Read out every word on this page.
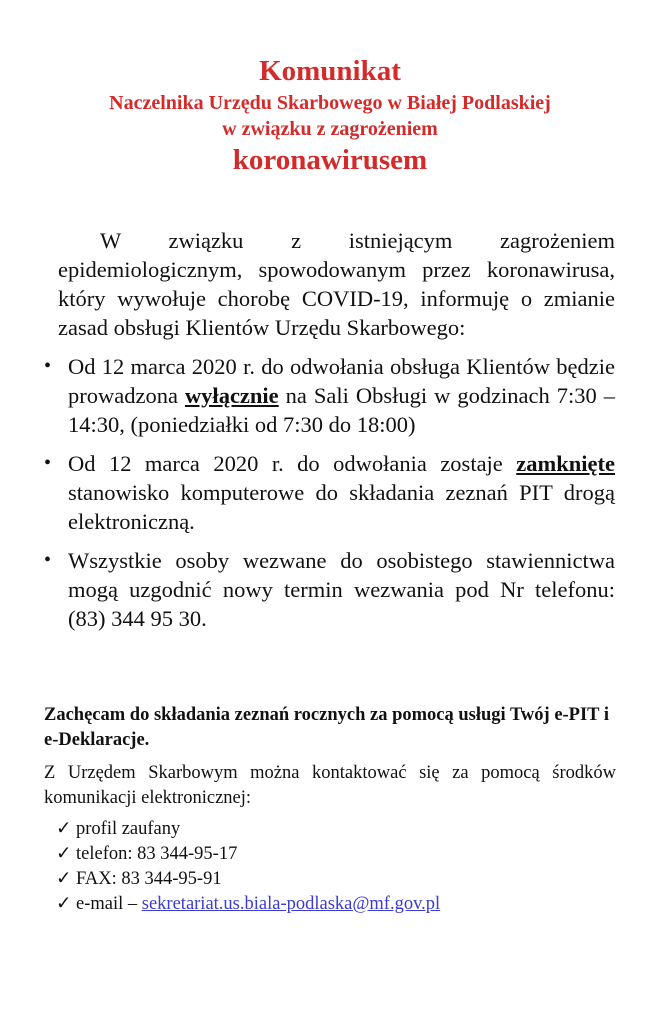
Komunikat
Naczelnika Urzędu Skarbowego w Białej Podlaskiej
w związku z zagrożeniem
koronawirusem

W związku z istniejącym zagrożeniem epidemiologicznym, spowodowanym przez koronawirusa, który wywołuje chorobę COVID-19, informuję o zmianie zasad obsługi Klientów Urzędu Skarbowego:

• Od 12 marca 2020 r. do odwołania obsługa Klientów będzie prowadzona wyłącznie na Sali Obsługi w godzinach 7:30 – 14:30, (poniedziałki od 7:30 do 18:00)
• Od 12 marca 2020 r. do odwołania zostaje zamknięte stanowisko komputerowe do składania zeznań PIT drogą elektroniczną.
• Wszystkie osoby wezwane do osobistego stawiennictwa mogą uzgodnić nowy termin wezwania pod Nr telefonu: (83) 344 95 30.

Zachęcam do składania zeznań rocznych za pomocą usługi Twój e-PIT i e-Deklaracje.

Z Urzędem Skarbowym można kontaktować się za pomocą środków komunikacji elektronicznej:

✓ profil zaufany
✓ telefon: 83 344-95-17
✓ FAX: 83 344-95-91
✓ e-mail – sekretariat.us.biala-podlaska@mf.gov.pl
